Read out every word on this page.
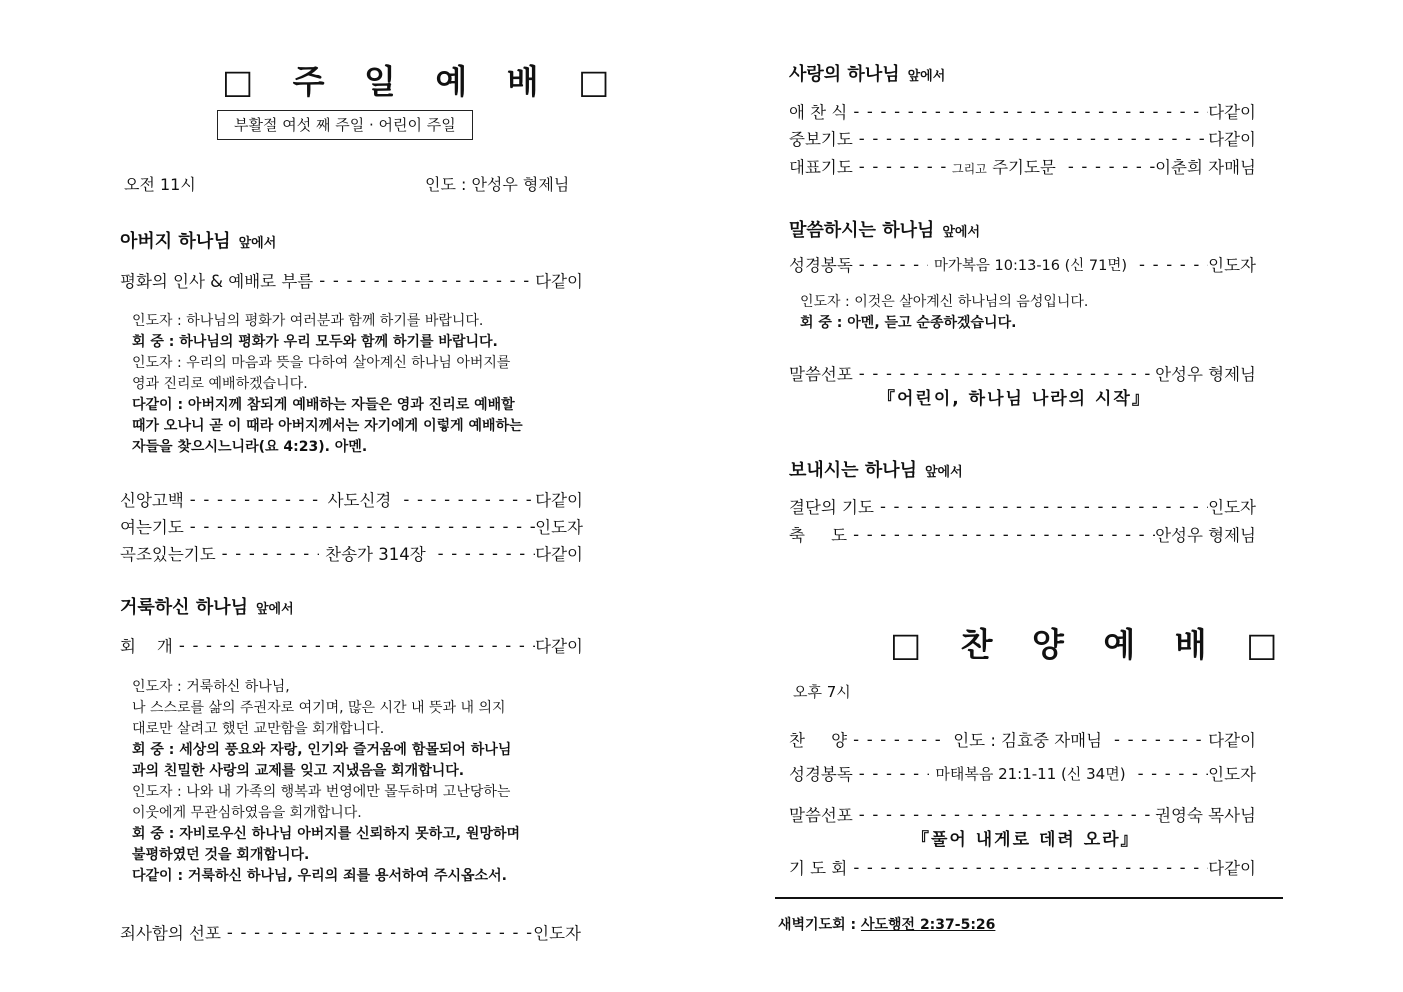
□ 주 일 예 배 □
부활절 여섯 째 주일 · 어린이 주일
오전 11시	인도 : 안성우 형제님
아버지 하나님 앞에서
평화의 인사 & 예배로 부름 - - -	다같이
인도자 : 하나님의 평화가 여러분과 함께 하기를 바랍니다.
회 중 : 하나님의 평화가 우리 모두와 함께 하기를 바랍니다.
인도자 : 우리의 마음과 뜻을 다하여 살아계신 하나님 아버지를
영과 진리로 예배하겠습니다.
다같이 : 아버지께 참되게 예배하는 자들은 영과 진리로 예배할
때가 오나니 곧 이 때라 아버지께서는 자기에게 이렇게 예배하는
자들을 찾으시느니라(요 4:23). 아멘.
신앙고백 - - -	사도신경 - - -	다같이
여는기도 - - -	인도자
곡조있는기도 - - -	찬송가 314장 - - -	다같이
거룩하신 하나님 앞에서
회    개 - - -	다같이
인도자 : 거룩하신 하나님,
나 스스로를 삶의 주권자로 여기며, 많은 시간 내 뜻과 내 의지
대로만 살려고 했던 교만함을 회개합니다.
회 중 : 세상의 풍요와 자랑, 인기와 즐거움에 함몰되어 하나님
과의 친밀한 사랑의 교제를 잊고 지냈음을 회개합니다.
인도자 : 나와 내 가족의 행복과 번영에만 몰두하며 고난당하는
이웃에게 무관심하였음을 회개합니다.
회 중 : 자비로우신 하나님 아버지를 신뢰하지 못하고, 원망하며
불평하였던 것을 회개합니다.
다같이 : 거룩하신 하나님, 우리의 죄를 용서하여 주시옵소서.
죄사함의 선포 - - -	인도자
사랑의 하나님 앞에서
애 찬 식 - - -	다같이
중보기도 - - -	다같이
대표기도 - - -	그리고 주기도문 - - -	이춘희 자매님
말씀하시는 하나님 앞에서
성경봉독 - - -	마가복음 10:13-16 (신 71면) - - -	인도자
인도자 : 이것은 살아계신 하나님의 음성입니다.
회 중 : 아멘, 듣고 순종하겠습니다.
말씀선포 - - -	안성우 형제님
『어린이, 하나님 나라의 시작』
보내시는 하나님 앞에서
결단의 기도 - - -	인도자
축     도 - - -	안성우 형제님
□ 찬 양 예 배 □
오후 7시
찬     양 - - -	인도 : 김효중 자매님 - - -	다같이
성경봉독 - - -	마태복음 21:1-11 (신 34면) - - -	인도자
말씀선포 - - -	권영숙 목사님
『풀어 내게로 데려 오라』
기 도 회 - - -	다같이
새벽기도회 : 사도행전 2:37-5:26
